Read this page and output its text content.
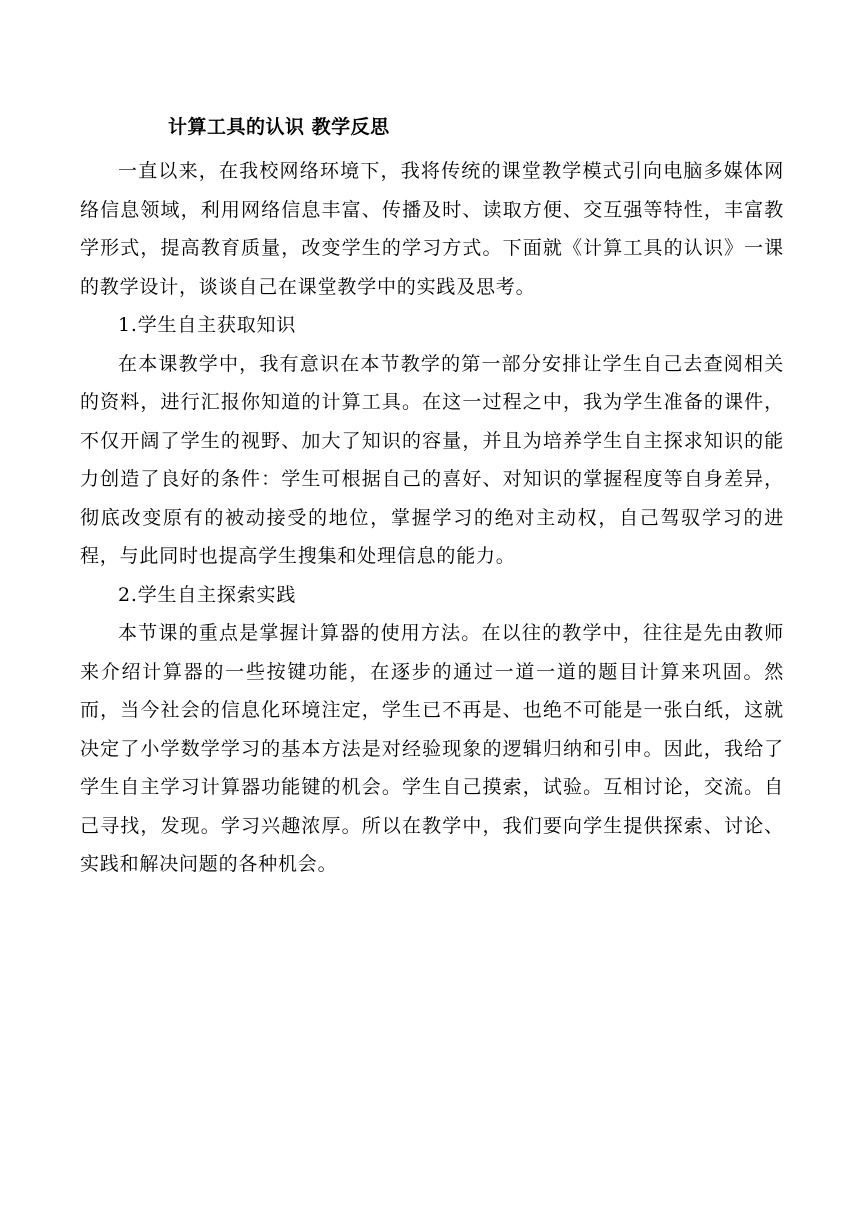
计算工具的认识 教学反思

一直以来，在我校网络环境下，我将传统的课堂教学模式引向电脑多媒体网络信息领域，利用网络信息丰富、传播及时、读取方便、交互强等特性，丰富教学形式，提高教育质量，改变学生的学习方式。下面就《计算工具的认识》一课的教学设计，谈谈自己在课堂教学中的实践及思考。

1.学生自主获取知识

在本课教学中，我有意识在本节教学的第一部分安排让学生自己去查阅相关的资料，进行汇报你知道的计算工具。在这一过程之中，我为学生准备的课件，不仅开阔了学生的视野、加大了知识的容量，并且为培养学生自主探求知识的能力创造了良好的条件：学生可根据自己的喜好、对知识的掌握程度等自身差异，彻底改变原有的被动接受的地位，掌握学习的绝对主动权，自己驾驭学习的进程，与此同时也提高学生搜集和处理信息的能力。

2.学生自主探索实践

本节课的重点是掌握计算器的使用方法。在以往的教学中，往往是先由教师来介绍计算器的一些按键功能，在逐步的通过一道一道的题目计算来巩固。然而，当今社会的信息化环境注定，学生已不再是、也绝不可能是一张白纸，这就决定了小学数学学习的基本方法是对经验现象的逻辑归纳和引申。因此，我给了学生自主学习计算器功能键的机会。学生自己摸索，试验。互相讨论，交流。自己寻找，发现。学习兴趣浓厚。所以在教学中，我们要向学生提供探索、讨论、实践和解决问题的各种机会。
